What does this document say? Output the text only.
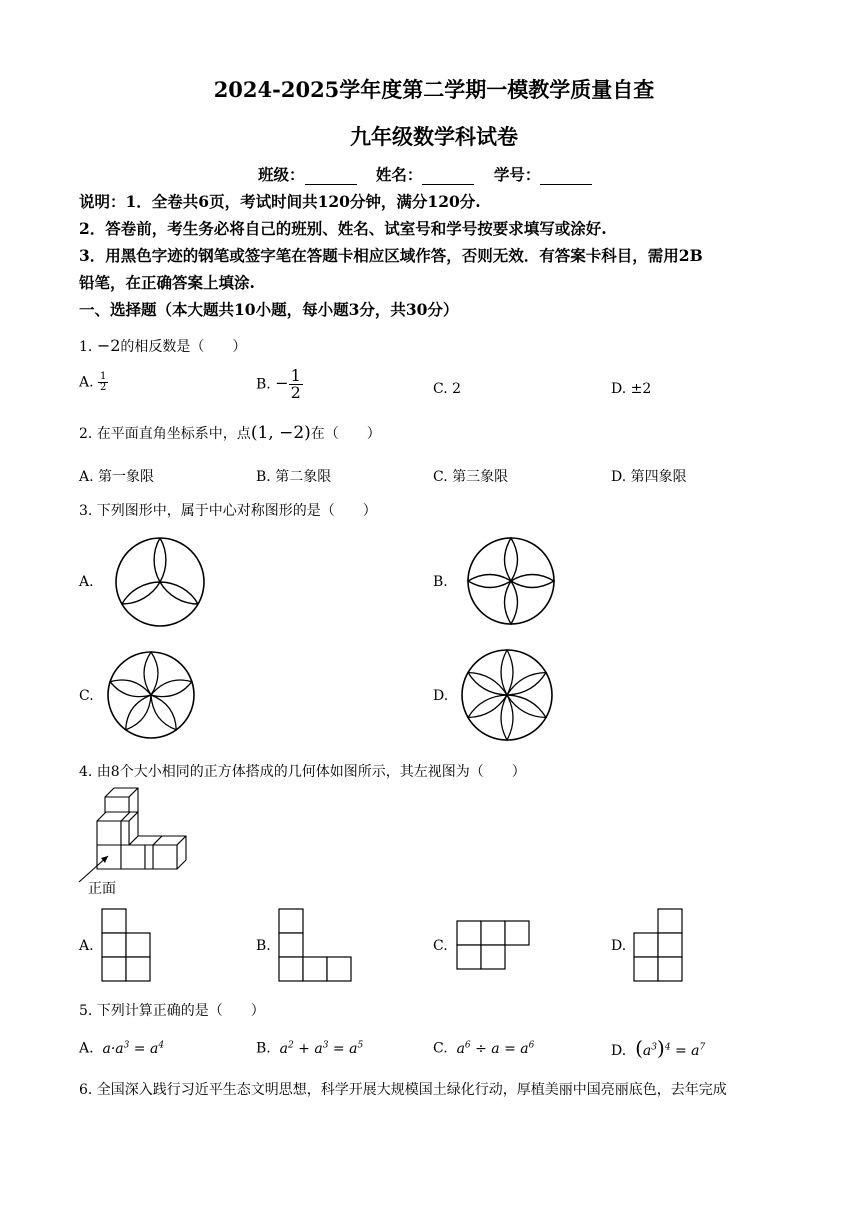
2024-2025学年度第二学期一模教学质量自查
九年级数学科试卷
班级：	姓名：	学号：
说明：1．全卷共6页，考试时间共120分钟，满分120分.
2．答卷前，考生务必将自己的班别、姓名、试室号和学号按要求填写或涂好.
3．用黑色字迹的钢笔或签字笔在答题卡相应区域作答，否则无效．有答案卡科目，需用2B
铅笔，在正确答案上填涂.
一、选择题（本大题共10小题，每小题3分，共30分）
1. −2的相反数是（　　）
A. $\frac{1}{2}$	B. − $\frac{1}{2}$	C. 2	D. ±2
2. 在平面直角坐标系中，点(1, −2)在（　　）
A. 第一象限	B. 第二象限	C. 第三象限	D. 第四象限
3. 下列图形中，属于中心对称图形的是（　　）
A.	B.
C.	D.
4. 由8个大小相同的正方体搭成的几何体如图所示，其左视图为（　　）
正面
A.	B.	C.	D.
5. 下列计算正确的是（　　）
A.  $a\cdot a^3 = a^4$	B.  $a^2 + a^3 = a^5$	C.  $a^6 \div a = a^6$	D. $(a^3)^4 = a^7$
6. 全国深入践行习近平生态文明思想，科学开展大规模国土绿化行动，厚植美丽中国亮丽底色，去年完成
